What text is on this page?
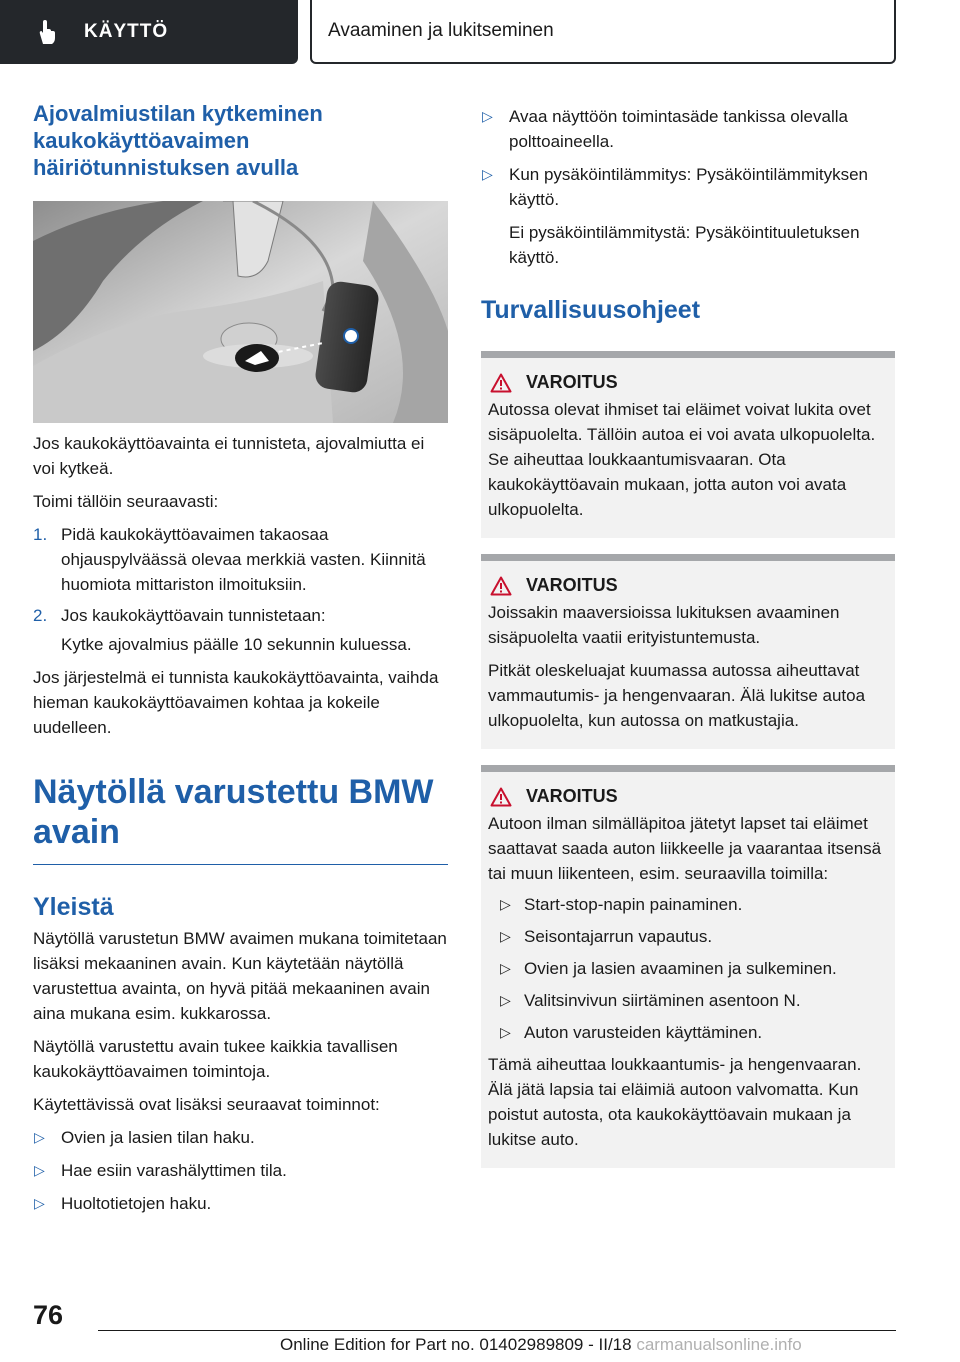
KÄYTTÖ	Avaaminen ja lukitseminen
Ajovalmiustilan kytkeminen kaukokäyttöavaimen häiriötunnistuksen avulla

Jos kaukokäyttöavainta ei tunnisteta, ajovalmiutta ei voi kytkeä.

Toimi tällöin seuraavasti:

1. Pidä kaukokäyttöavaimen takaosaa ohjauspylväässä olevaa merkkiä vasten. Kiinnitä huomiota mittariston ilmoituksiin.
2. Jos kaukokäyttöavain tunnistetaan:
Kytke ajovalmius päälle 10 sekunnin kuluessa.

Jos järjestelmä ei tunnista kaukokäyttöavainta, vaihda hieman kaukokäyttöavaimen kohtaa ja kokeile uudelleen.

Näytöllä varustettu BMW avain
Yleistä

Näytöllä varustetun BMW avaimen mukana toimitetaan lisäksi mekaaninen avain. Kun käytetään näytöllä varustettua avainta, on hyvä pitää mekaaninen avain aina mukana esim. kukkarossa.

Näytöllä varustettu avain tukee kaikkia tavallisen kaukokäyttöavaimen toimintoja.

Käytettävissä ovat lisäksi seuraavat toiminnot:

▷ Ovien ja lasien tilan haku.
▷ Hae esiin varashälyttimen tila.
▷ Huoltotietojen haku.
▷ Avaa näyttöön toimintasäde tankissa olevalla polttoaineella.
▷ Kun pysäköintilämmitys: Pysäköintilämmityksen käyttö.
Ei pysäköintilämmitystä: Pysäköintituuletuksen käyttö.
Turvallisuusohjeet
VAROITUS

Autossa olevat ihmiset tai eläimet voivat lukita ovet sisäpuolelta. Tällöin autoa ei voi avata ulkopuolelta. Se aiheuttaa loukkaantumisvaaran. Ota kaukokäyttöavain mukaan, jotta auton voi avata ulkopuolelta.

VAROITUS

Joissakin maaversioissa lukituksen avaaminen sisäpuolelta vaatii erityistuntemusta.

Pitkät oleskeluajat kuumassa autossa aiheuttavat vammautumis- ja hengenvaaran. Älä lukitse autoa ulkopuolelta, kun autossa on matkustajia.

VAROITUS

Autoon ilman silmälläpitoa jätetyt lapset tai eläimet saattavat saada auton liikkeelle ja vaarantaa itsensä tai muun liikenteen, esim. seuraavilla toimilla:

▷ Start-stop-napin painaminen.
▷ Seisontajarrun vapautus.
▷ Ovien ja lasien avaaminen ja sulkeminen.
▷ Valitsinvivun siirtäminen asentoon N.
▷ Auton varusteiden käyttäminen.

Tämä aiheuttaa loukkaantumis- ja hengenvaaran. Älä jätä lapsia tai eläimiä autoon valvomatta. Kun poistut autosta, ota kaukokäyttöavain mukaan ja lukitse auto.

76
Online Edition for Part no. 01402989809 - II/18 carmanualsonline.info
